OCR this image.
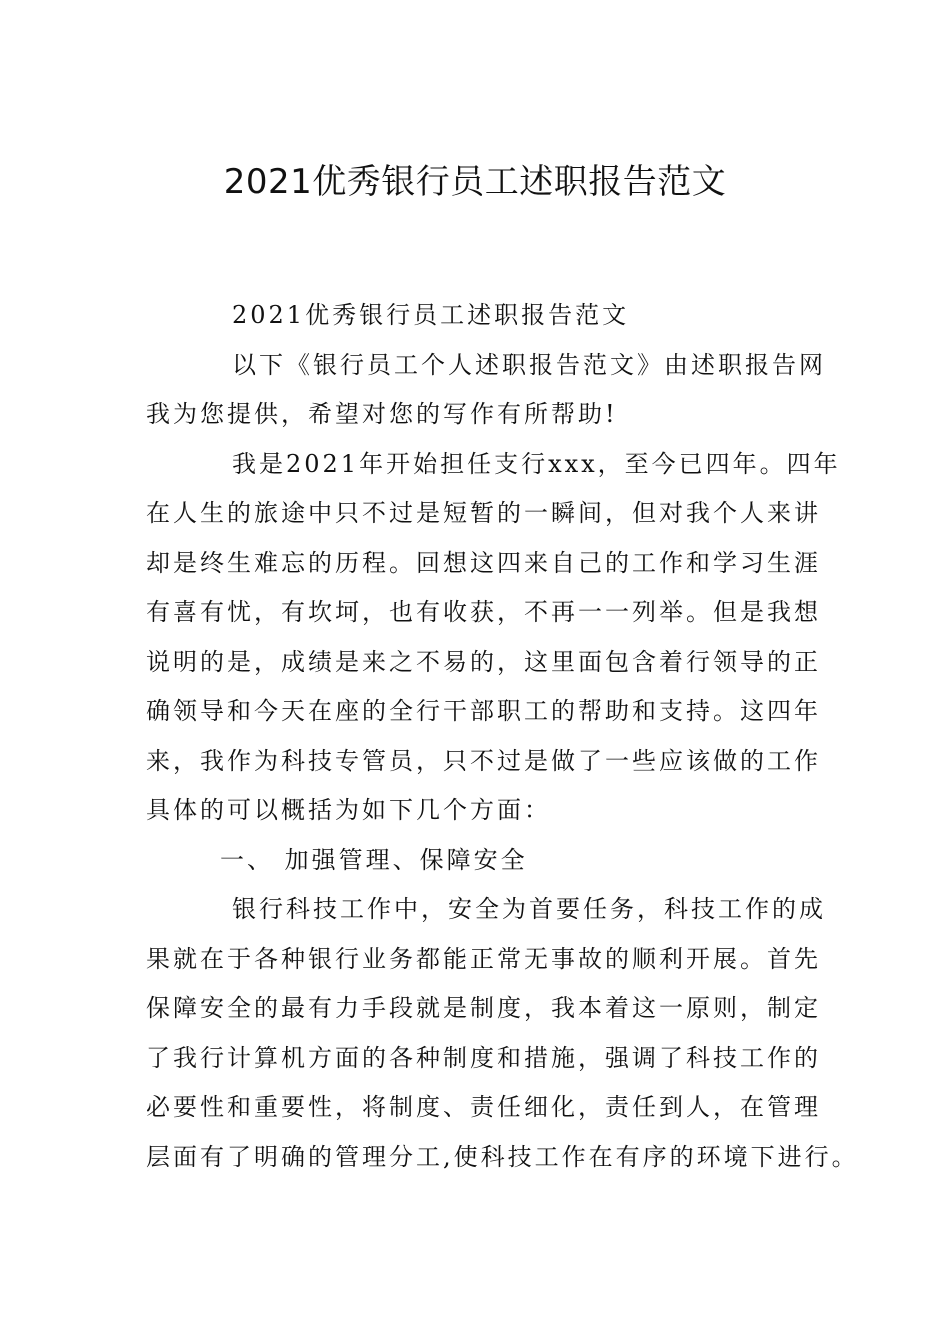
2021优秀银行员工述职报告范文
2021优秀银行员工述职报告范文
以下《银行员工个人述职报告范文》由述职报告网
我为您提供，希望对您的写作有所帮助!
我是2021年开始担任支行xxx，至今已四年。四年
在人生的旅途中只不过是短暂的一瞬间，但对我个人来讲
却是终生难忘的历程。回想这四来自己的工作和学习生涯
有喜有忧，有坎坷，也有收获，不再一一列举。但是我想
说明的是，成绩是来之不易的，这里面包含着行领导的正
确领导和今天在座的全行干部职工的帮助和支持。这四年
来，我作为科技专管员，只不过是做了一些应该做的工作
具体的可以概括为如下几个方面：
一、 加强管理、保障安全
银行科技工作中，安全为首要任务，科技工作的成
果就在于各种银行业务都能正常无事故的顺利开展。首先
保障安全的最有力手段就是制度，我本着这一原则，制定
了我行计算机方面的各种制度和措施，强调了科技工作的
必要性和重要性，将制度、责任细化，责任到人，在管理
层面有了明确的管理分工,使科技工作在有序的环境下进行。
